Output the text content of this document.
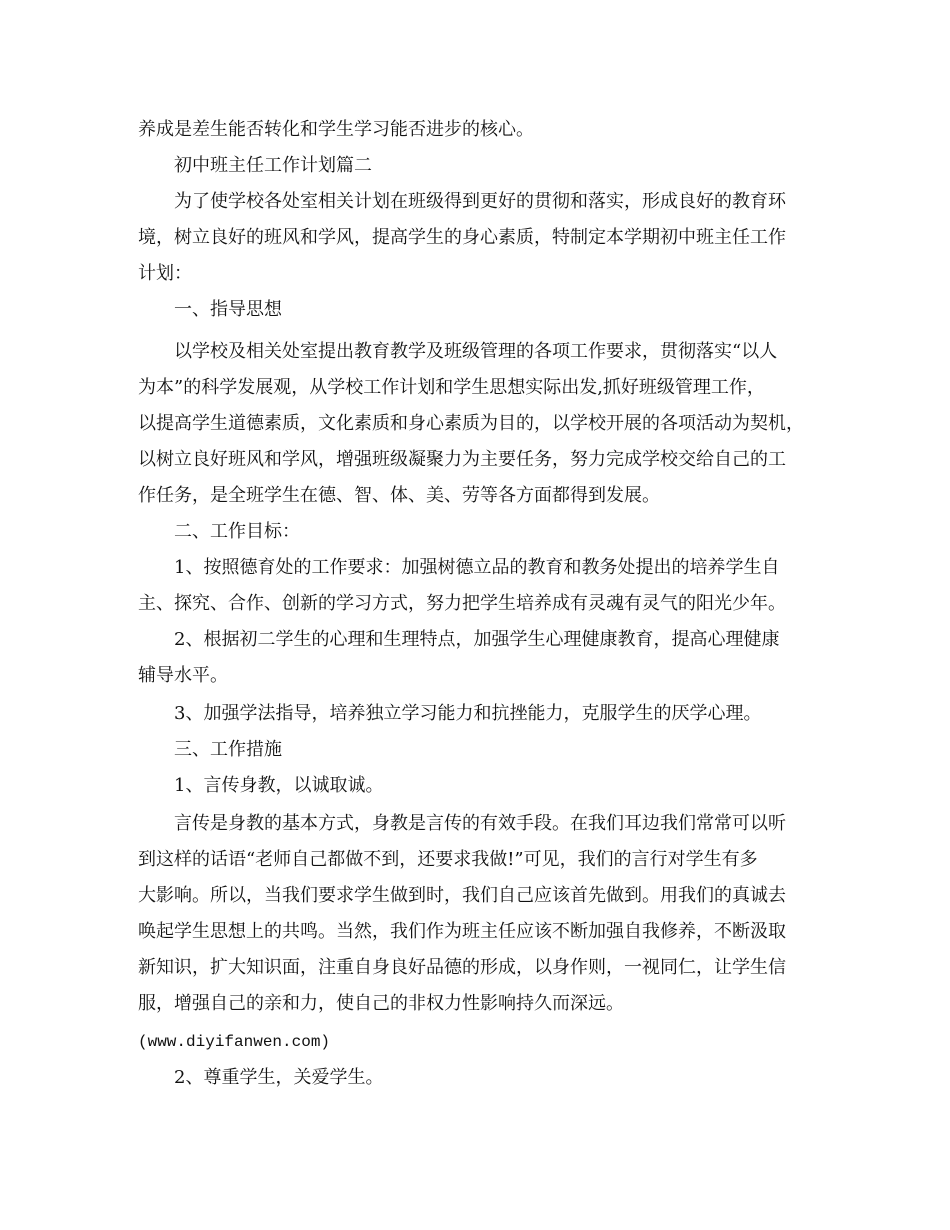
养成是差生能否转化和学生学习能否进步的核心。
初中班主任工作计划篇二
为了使学校各处室相关计划在班级得到更好的贯彻和落实，形成良好的教育环
境，树立良好的班风和学风，提高学生的身心素质，特制定本学期初中班主任工作
计划：
一、指导思想
以学校及相关处室提出教育教学及班级管理的各项工作要求，贯彻落实“以人
为本”的科学发展观，从学校工作计划和学生思想实际出发,抓好班级管理工作，
以提高学生道德素质，文化素质和身心素质为目的，以学校开展的各项活动为契机，
以树立良好班风和学风，增强班级凝聚力为主要任务，努力完成学校交给自己的工
作任务，是全班学生在德、智、体、美、劳等各方面都得到发展。
二、工作目标：
1、按照德育处的工作要求：加强树德立品的教育和教务处提出的培养学生自
主、探究、合作、创新的学习方式，努力把学生培养成有灵魂有灵气的阳光少年。
2、根据初二学生的心理和生理特点，加强学生心理健康教育，提高心理健康
辅导水平。
3、加强学法指导，培养独立学习能力和抗挫能力，克服学生的厌学心理。
三、工作措施
1、言传身教，以诚取诚。
言传是身教的基本方式，身教是言传的有效手段。在我们耳边我们常常可以听
到这样的话语“老师自己都做不到，还要求我做!”可见，我们的言行对学生有多
大影响。所以，当我们要求学生做到时，我们自己应该首先做到。用我们的真诚去
唤起学生思想上的共鸣。当然，我们作为班主任应该不断加强自我修养，不断汲取
新知识，扩大知识面，注重自身良好品德的形成，以身作则，一视同仁，让学生信
服，增强自己的亲和力，使自己的非权力性影响持久而深远。
(www.diyifanwen.com)
2、尊重学生，关爱学生。
